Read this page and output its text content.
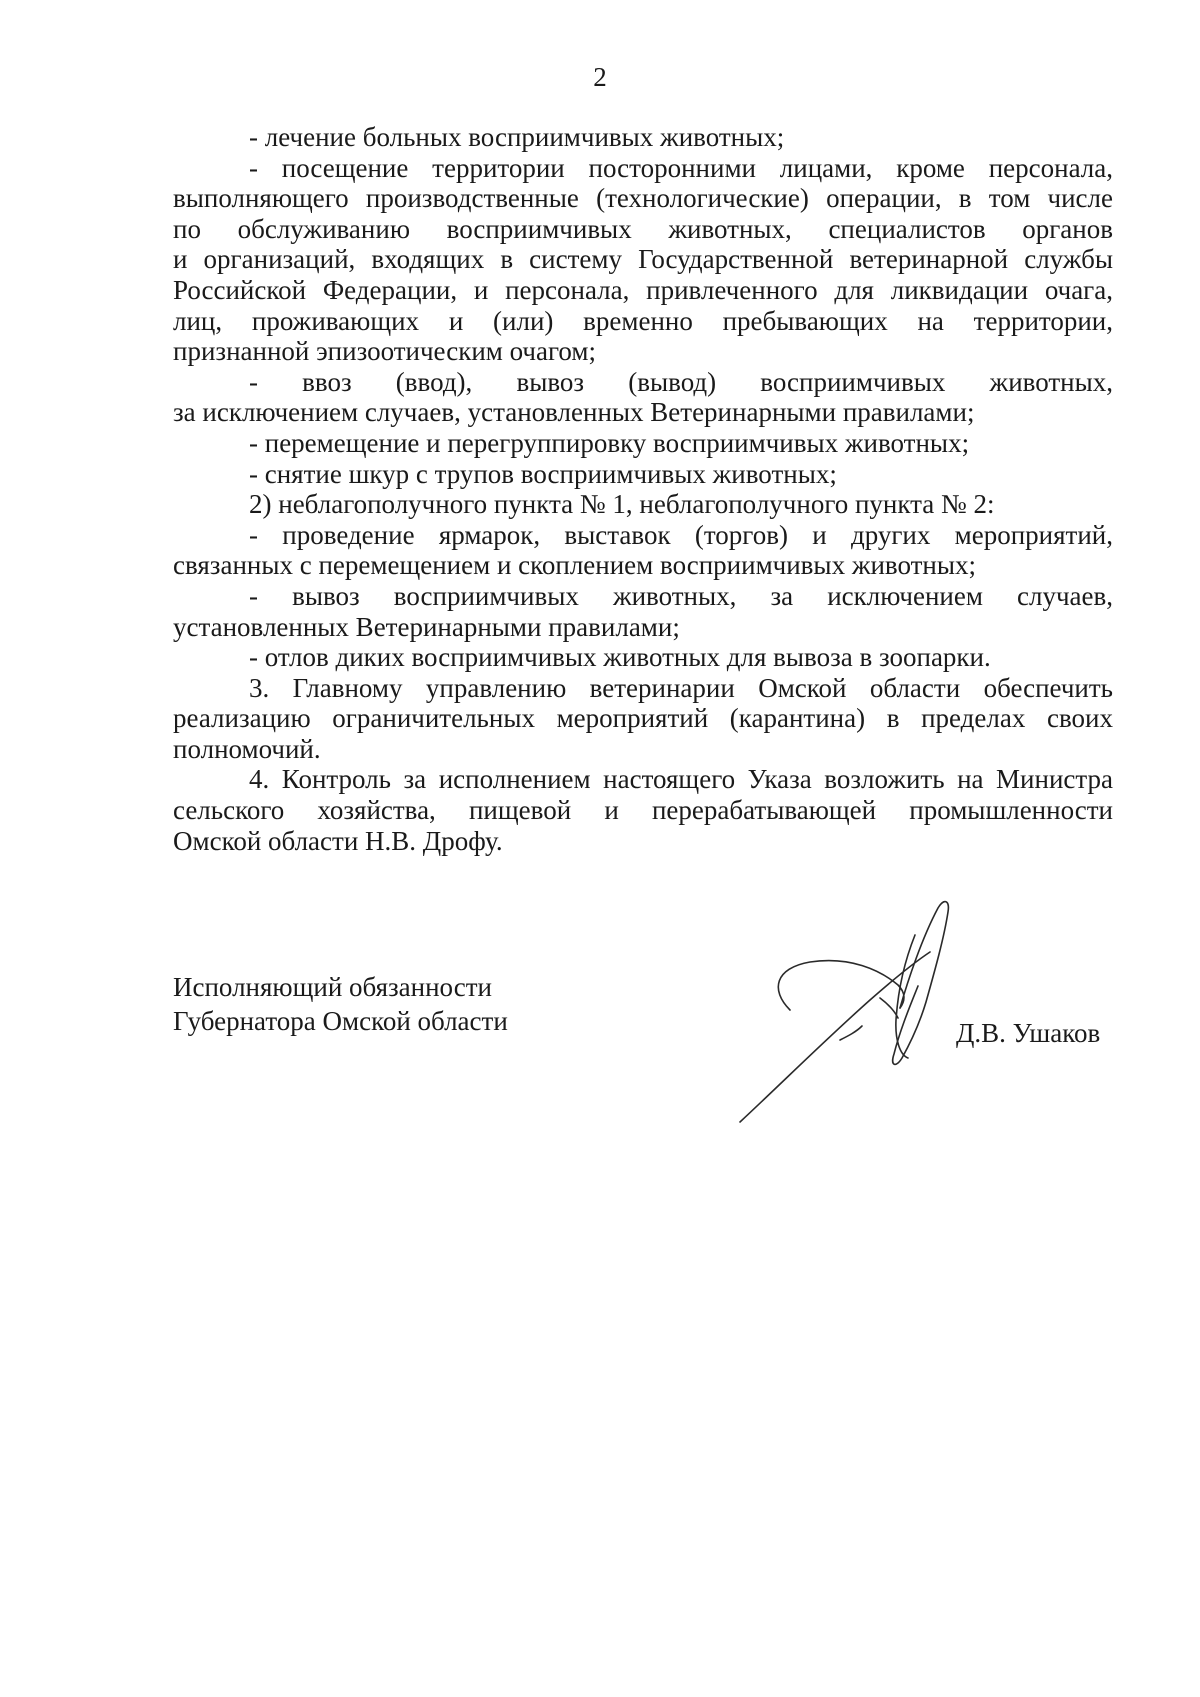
2

- лечение больных восприимчивых животных;

- посещение территории посторонними лицами, кроме персонала,

выполняющего производственные (технологические) операции, в том числе

по обслуживанию восприимчивых животных, специалистов органов

и организаций, входящих в систему Государственной ветеринарной службы

Российской Федерации, и персонала, привлеченного для ликвидации очага,

лиц, проживающих и (или) временно пребывающих на территории,

признанной эпизоотическим очагом;

- ввоз (ввод), вывоз (вывод) восприимчивых животных,

за исключением случаев, установленных Ветеринарными правилами;

- перемещение и перегруппировку восприимчивых животных;

- снятие шкур с трупов восприимчивых животных;

2) неблагополучного пункта № 1, неблагополучного пункта № 2:

- проведение ярмарок, выставок (торгов) и других мероприятий,

связанных с перемещением и скоплением восприимчивых животных;

- вывоз восприимчивых животных, за исключением случаев,

установленных Ветеринарными правилами;

- отлов диких восприимчивых животных для вывоза в зоопарки.

3. Главному управлению ветеринарии Омской области обеспечить

реализацию ограничительных мероприятий (карантина) в пределах своих

полномочий.

4. Контроль за исполнением настоящего Указа возложить на Министра

сельского хозяйства, пищевой и перерабатывающей промышленности

Омской области Н.В. Дрофу.

Исполняющий обязанности

Губернатора Омской области	Д.В. Ушаков
